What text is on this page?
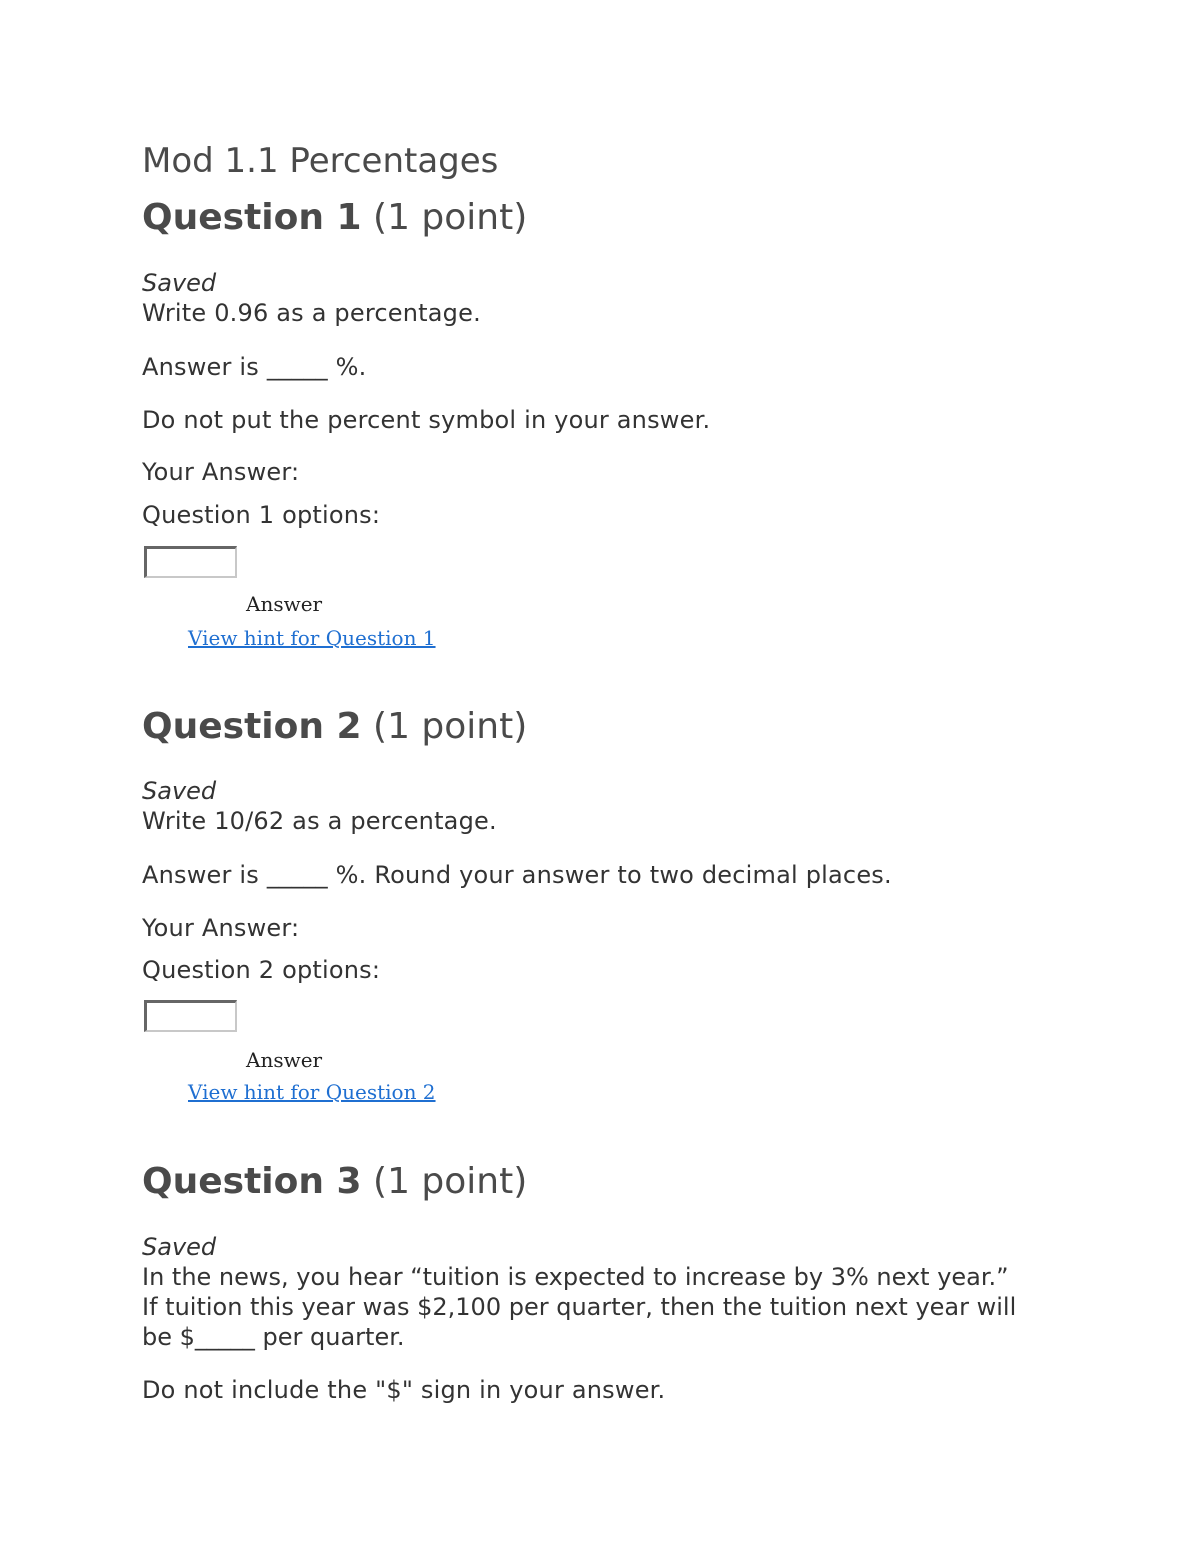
Mod 1.1 Percentages
Question 1 (1 point)
Saved
Write 0.96 as a percentage.
Answer is _____ %.
Do not put the percent symbol in your answer.
Your Answer:
Question 1 options:
Answer
View hint for Question 1
Question 2 (1 point)
Saved
Write 10/62 as a percentage.
Answer is _____ %. Round your answer to two decimal places.
Your Answer:
Question 2 options:
Answer
View hint for Question 2
Question 3 (1 point)
Saved
In the news, you hear “tuition is expected to increase by 3% next year.” If tuition this year was $2,100 per quarter, then the tuition next year will be $_____ per quarter.
Do not include the "$" sign in your answer.
